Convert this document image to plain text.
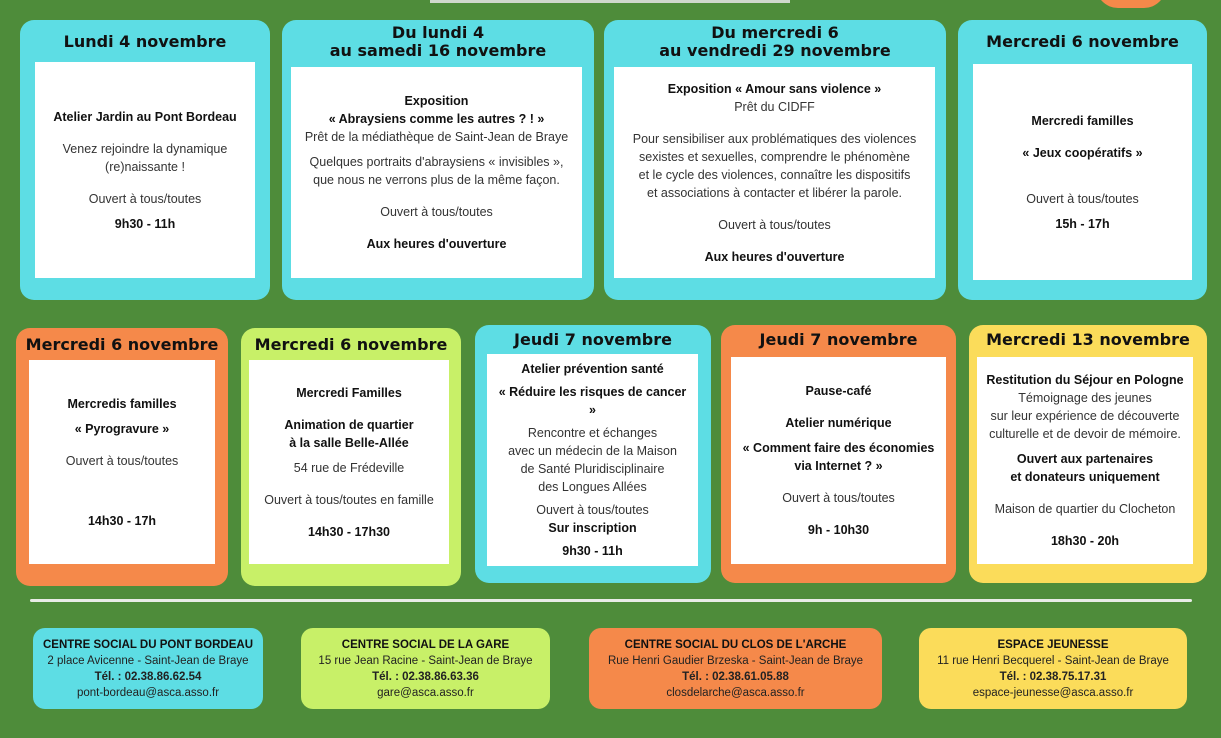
Lundi 4 novembre

Atelier Jardin au Pont Bordeau

Venez rejoindre la dynamique

(re)naissante !

Ouvert à tous/toutes

9h30 - 11h

Du lundi 4
au samedi 16 novembre

Exposition

« Abraysiens comme les autres ? ! »

Prêt de la médiathèque de Saint-Jean de Braye

Quelques portraits d'abraysiens « invisibles »,

que nous ne verrons plus de la même façon.

Ouvert à tous/toutes

Aux heures d'ouverture

Du mercredi 6
au vendredi 29 novembre

Exposition « Amour sans violence »

Prêt du CIDFF

Pour sensibiliser aux problématiques des violences

sexistes et sexuelles, comprendre le phénomène

et le cycle des violences, connaître les dispositifs

et associations à contacter et libérer la parole.

Ouvert à tous/toutes

Aux heures d'ouverture

Mercredi 6 novembre

Mercredi familles

« Jeux coopératifs »

Ouvert à tous/toutes

15h - 17h

Mercredi 6 novembre

Mercredis familles

« Pyrogravure »

Ouvert à tous/toutes

14h30 - 17h

Mercredi 6 novembre

Mercredi Familles

Animation de quartier

à la salle Belle-Allée

54 rue de Frédeville

Ouvert à tous/toutes en famille

14h30 - 17h30

Jeudi 7 novembre

Atelier prévention santé

« Réduire les risques de cancer »

Rencontre et échanges

avec un médecin de la Maison

de Santé Pluridisciplinaire

des Longues Allées

Ouvert à tous/toutes

Sur inscription

9h30 - 11h

Jeudi 7 novembre

Pause-café

Atelier numérique

« Comment faire des économies

via Internet ? »

Ouvert à tous/toutes

9h - 10h30

Mercredi 13 novembre

Restitution du Séjour en Pologne

Témoignage des jeunes

sur leur expérience de découverte

culturelle et de devoir de mémoire.

Ouvert aux partenaires

et donateurs uniquement

Maison de quartier du Clocheton

18h30 - 20h

CENTRE SOCIAL DU PONT BORDEAU
2 place Avicenne - Saint-Jean de Braye
Tél. : 02.38.86.62.54
pont-bordeau@asca.asso.fr
CENTRE SOCIAL DE LA GARE
15 rue Jean Racine - Saint-Jean de Braye
Tél. : 02.38.86.63.36
gare@asca.asso.fr
CENTRE SOCIAL DU CLOS DE L'ARCHE
Rue Henri Gaudier Brzeska - Saint-Jean de Braye
Tél. : 02.38.61.05.88
closdelarche@asca.asso.fr
ESPACE JEUNESSE
11 rue Henri Becquerel - Saint-Jean de Braye
Tél. : 02.38.75.17.31
espace-jeunesse@asca.asso.fr
